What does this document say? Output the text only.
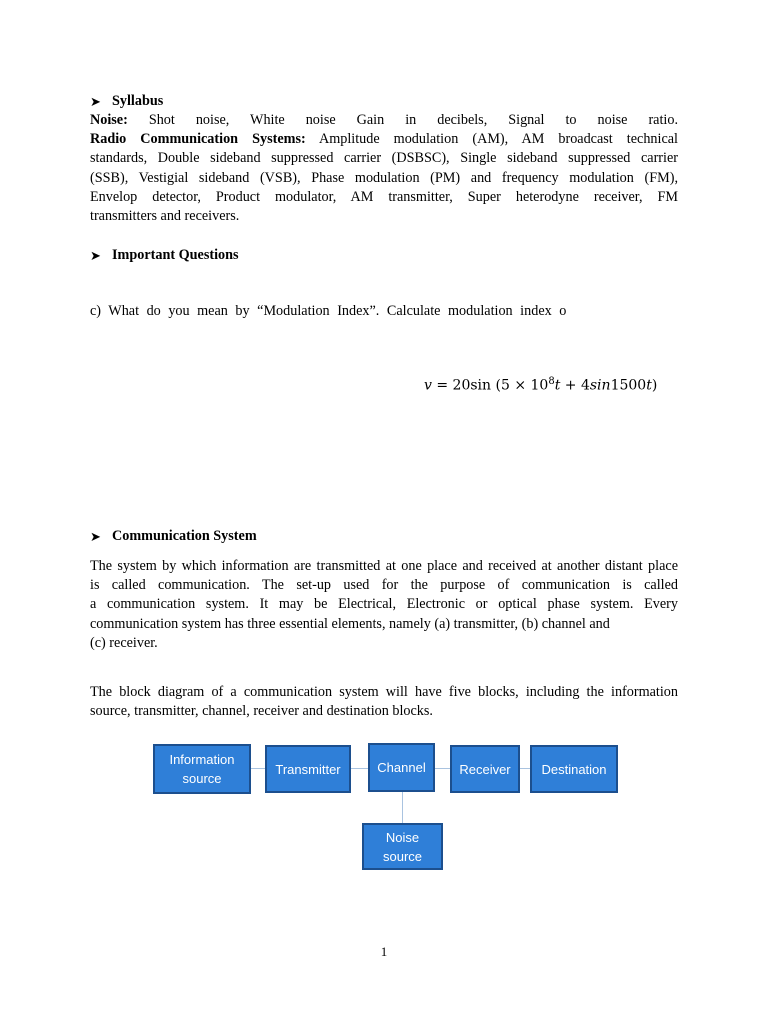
➤ Syllabus
Noise: Shot noise, White noise Gain in decibels, Signal to noise ratio.
Radio Communication Systems: Amplitude modulation (AM), AM broadcast technical
standards, Double sideband suppressed carrier (DSBSC), Single sideband suppressed carrier
(SSB), Vestigial sideband (VSB), Phase modulation (PM) and frequency modulation (FM),
Envelop detector, Product modulator, AM transmitter, Super heterodyne receiver, FM
transmitters and receivers.
➤ Important Questions
c) What do you mean by “Modulation Index”. Calculate modulation index o
v = 20sin $(5 \times 10^8t + 4\sin 1500t)$
➤ Communication System
The system by which information are transmitted at one place and received at another distant place
is called communication. The set-up used for the purpose of communication is called
a communication system. It may be Electrical, Electronic or optical phase system. Every
communication system has three essential elements, namely (a) transmitter, (b) channel and
(c) receiver.
The block diagram of a communication system will have five blocks, including the information
source, transmitter, channel, receiver and destination blocks.
Information source
Transmitter	Channel	Receiver Destination
Noise source
1
